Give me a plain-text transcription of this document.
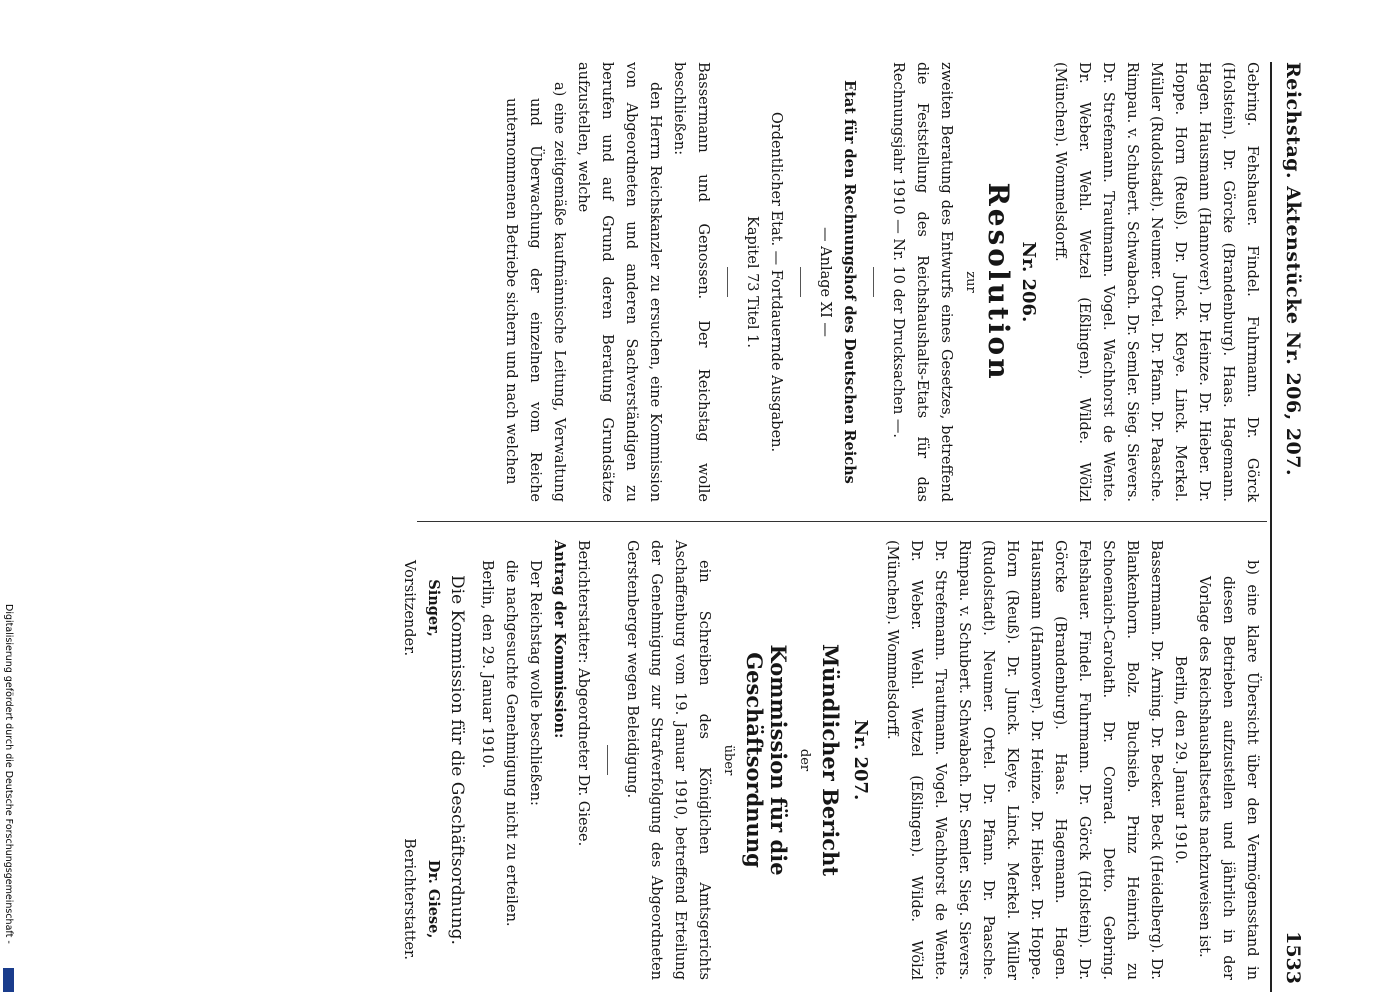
Reichstag. Aktenstücke Nr. 206, 207.
1533

Gebring. Fehshauer. Findel. Fuhrmann. Dr. Görck (Holstein). Dr. Görcke (Brandenburg). Haas. Hagemann. Hagen. Hausmann (Hannover). Dr. Heinze. Dr. Hieber. Dr. Hoppe. Horn (Reuß). Dr. Junck. Kleye. Linck. Merkel. Müller (Rudolstadt). Neumer. Ortel. Dr. Pfann. Dr. Paasche. Rimpau. v. Schubert. Schwabach. Dr. Semler. Sieg. Sievers. Dr. Strefemann. Trautmann. Vogel. Wachhorst de Wente. Dr. Weber. Wehl. Wetzel (Eßlingen). Wilde. Wölzl (München). Wommelsdorff.

Nr. 206.

Resolution

zur

zweiten Beratung des Entwurfs eines Gesetzes, betreffend die Feststellung des Reichshaushalts-Etats für das Rechnungsjahr 1910 — Nr. 10 der Drucksachen —.

Etat für den Rechnungshof des Deutschen Reichs

— Anlage XI —

Ordentlicher Etat. — Fortdauernde Ausgaben.

Kapitel 73 Titel 1.

Bassermann und Genossen. Der Reichstag wolle beschließen:

den Herrn Reichskanzler zu ersuchen, eine Kommission von Abgeordneten und anderen Sachverständigen zu berufen und auf Grund deren Beratung Grundsätze aufzustellen, welche

a) eine zeitgemäße kaufmännische Leitung, Verwaltung und Überwachung der einzelnen vom Reiche unternommenen Betriebe sichern und nach welchen

b) eine klare Übersicht über den Vermögensstand in diesen Betrieben aufzustellen und jährlich in der Vorlage des Reichshaushaltsetats nachzuweisen ist.

Berlin, den 29. Januar 1910.

Bassermann. Dr. Arning. Dr. Becker. Beck (Heidelberg). Dr. Blankenhorn. Bolz. Buchsieb. Prinz Heinrich zu Schoenaich-Carolath. Dr. Conrad. Detto. Gebring. Fehshauer. Findel. Fuhrmann. Dr. Görck (Holstein). Dr. Görcke (Brandenburg). Haas. Hagemann. Hagen. Hausmann (Hannover). Dr. Heinze. Dr. Hieber. Dr. Hoppe. Horn (Reuß). Dr. Junck. Kleye. Linck. Merkel. Müller (Rudolstadt). Neumer. Ortel. Dr. Pfann. Dr. Paasche. Rimpau. v. Schubert. Schwabach. Dr. Semler. Sieg. Sievers. Dr. Strefemann. Trautmann. Vogel. Wachhorst de Wente. Dr. Weber. Wehl. Wetzel (Eßlingen). Wilde. Wölzl (München). Wommelsdorff.

Nr. 207.

Mündlicher Bericht

der

Kommission für die Geschäftsordnung

über

ein Schreiben des Königlichen Amtsgerichts Aschaffenburg vom 19. Januar 1910, betreffend Erteilung der Genehmigung zur Strafverfolgung des Abgeordneten Gerstenberger wegen Beleidigung.

Berichterstatter: Abgeordneter Dr. Giese.

Antrag der Kommission:

Der Reichstag wolle beschließen:

die nachgesuchte Genehmigung nicht zu erteilen.

Berlin, den 29. Januar 1910.

Die Kommission für die Geschäftsordnung.

Singer,

Vorsitzender.

Dr. Giese,

Berichterstatter.

Digitalisierung gefördert durch die Deutsche Forschungsgemeinschaft -
